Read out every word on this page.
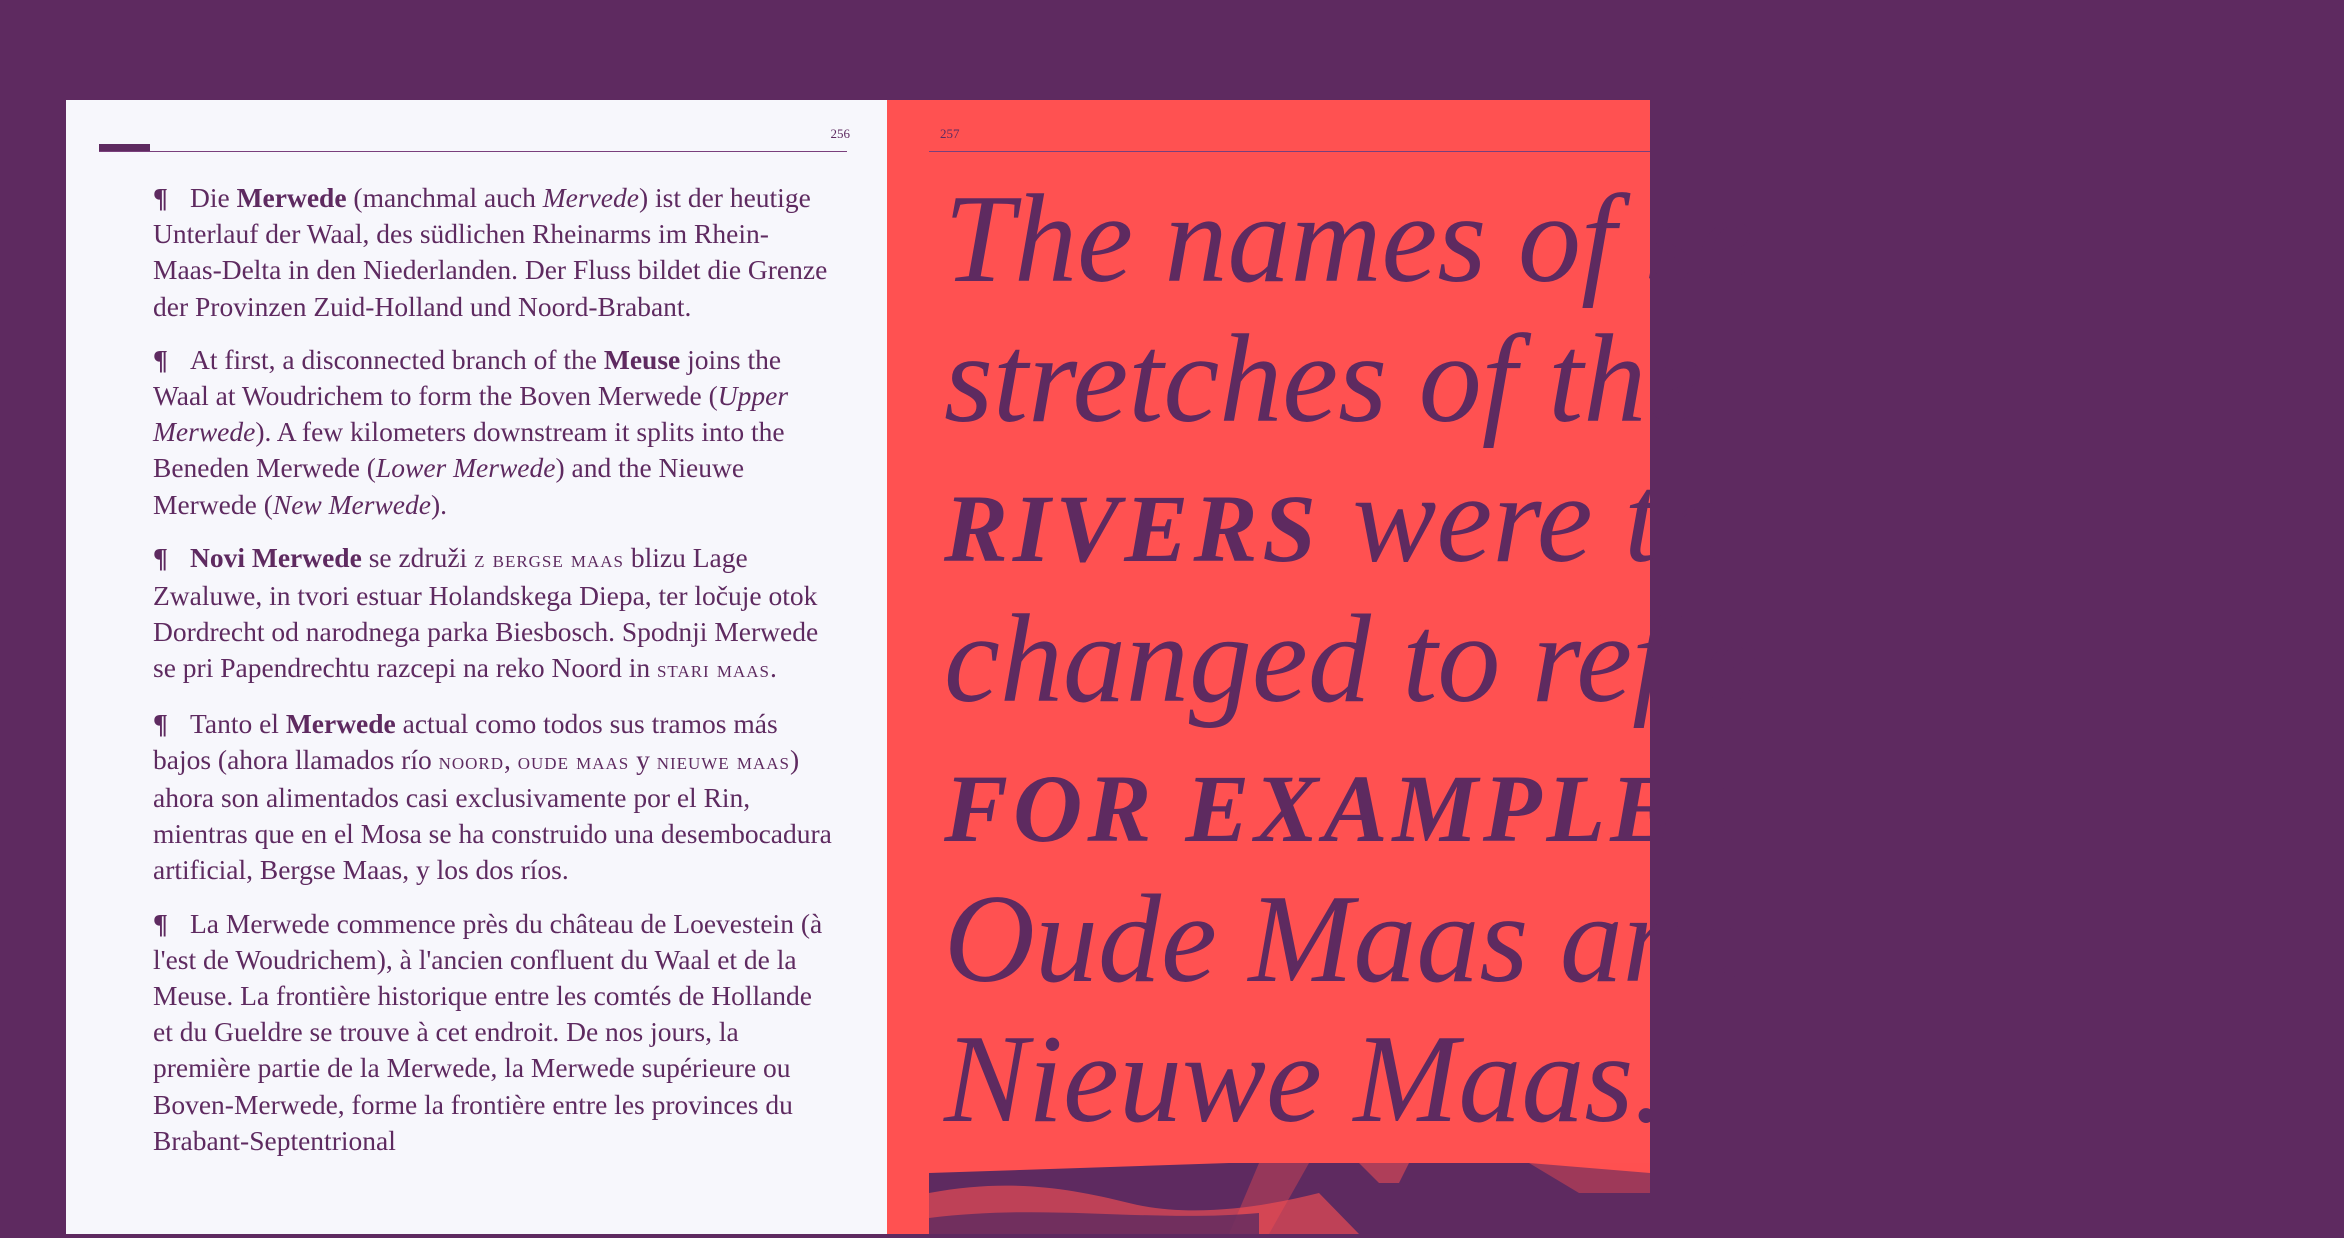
256

¶ Die Merwede (manchmal auch Mervede) ist der heutige Unterlauf der Waal, des südlichen Rheinarms im Rhein-Maas-Delta in den Niederlanden. Der Fluss bildet die Grenze der Provinzen Zuid-Holland und Noord-Brabant.

¶ At first, a disconnected branch of the Meuse joins the Waal at Woudrichem to form the Boven Merwede (Upper Merwede). A few kilometers downstream it splits into the Beneden Merwede (Lower Merwede) and the Nieuwe Merwede (New Merwede).

¶ Novi Merwede se združi z bergse maas blizu Lage Zwaluwe, in tvori estuar Holandskega Diepa, ter ločuje otok Dordrecht od narodnega parka Biesbosch. Spodnji Merwede se pri Papendrechtu razcepi na reko Noord in stari maas.

¶ Tanto el Merwede actual como todos sus tramos más bajos (ahora llamados río noord, oude maas y nieuwe maas) ahora son alimentados casi exclusivamente por el Rin, mientras que en el Mosa se ha construido una desembocadura artificial, Bergse Maas, y los dos ríos.

¶ La Merwede commence près du château de Loevestein (à l'est de Woudrichem), à l'ancien confluent du Waal et de la Meuse. La frontière historique entre les comtés de Hollande et du Gueldre se trouve à cet endroit. De nos jours, la première partie de la Merwede, la Merwede supérieure ou Boven-Merwede, forme la frontière entre les provinces du Brabant-Septentrional

257
The names of se
stretches of the
RIVERS were th
changed to refle
FOR EXAMPLE t
Oude Maas and
Nieuwe Maas.
